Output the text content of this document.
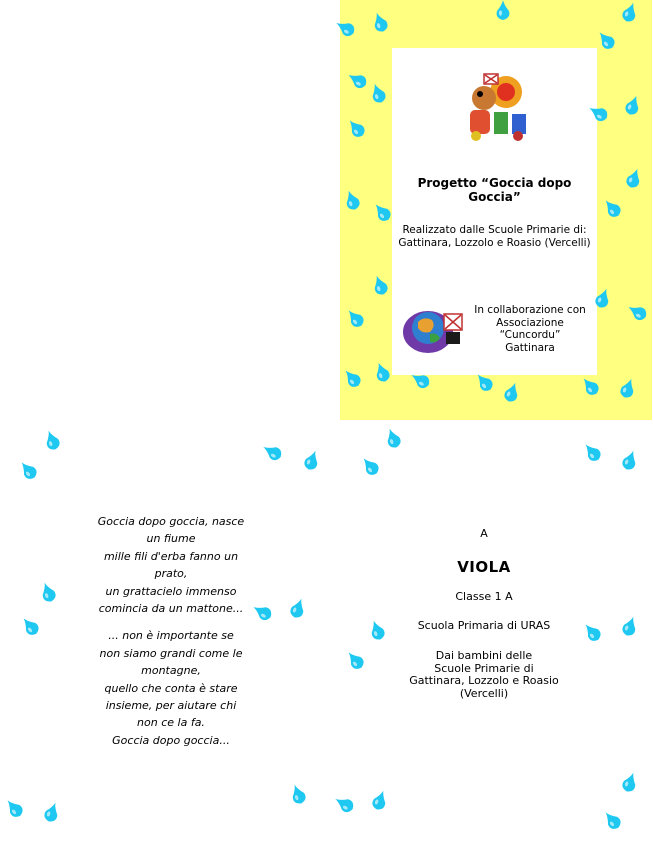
Progetto “Goccia dopo Goccia”
Realizzato dalle Scuole Primarie di:
Gattinara, Lozzolo e Roasio (Vercelli)
In collaborazione con
Associazione “Cuncordu”
Gattinara

Goccia dopo goccia, nasce

un fiume

mille fili d'erba fanno un

prato,

un grattacielo immenso

comincia da un mattone...

... non è importante se

non siamo grandi come le

montagne,

quello che conta è stare

insieme, per aiutare chi

non ce la fa.

Goccia dopo goccia...

A

VIOLA

Classe 1 A

Scuola Primaria di URAS

Dai bambini delle
Scuole Primarie di
Gattinara, Lozzolo e Roasio
(Vercelli)
